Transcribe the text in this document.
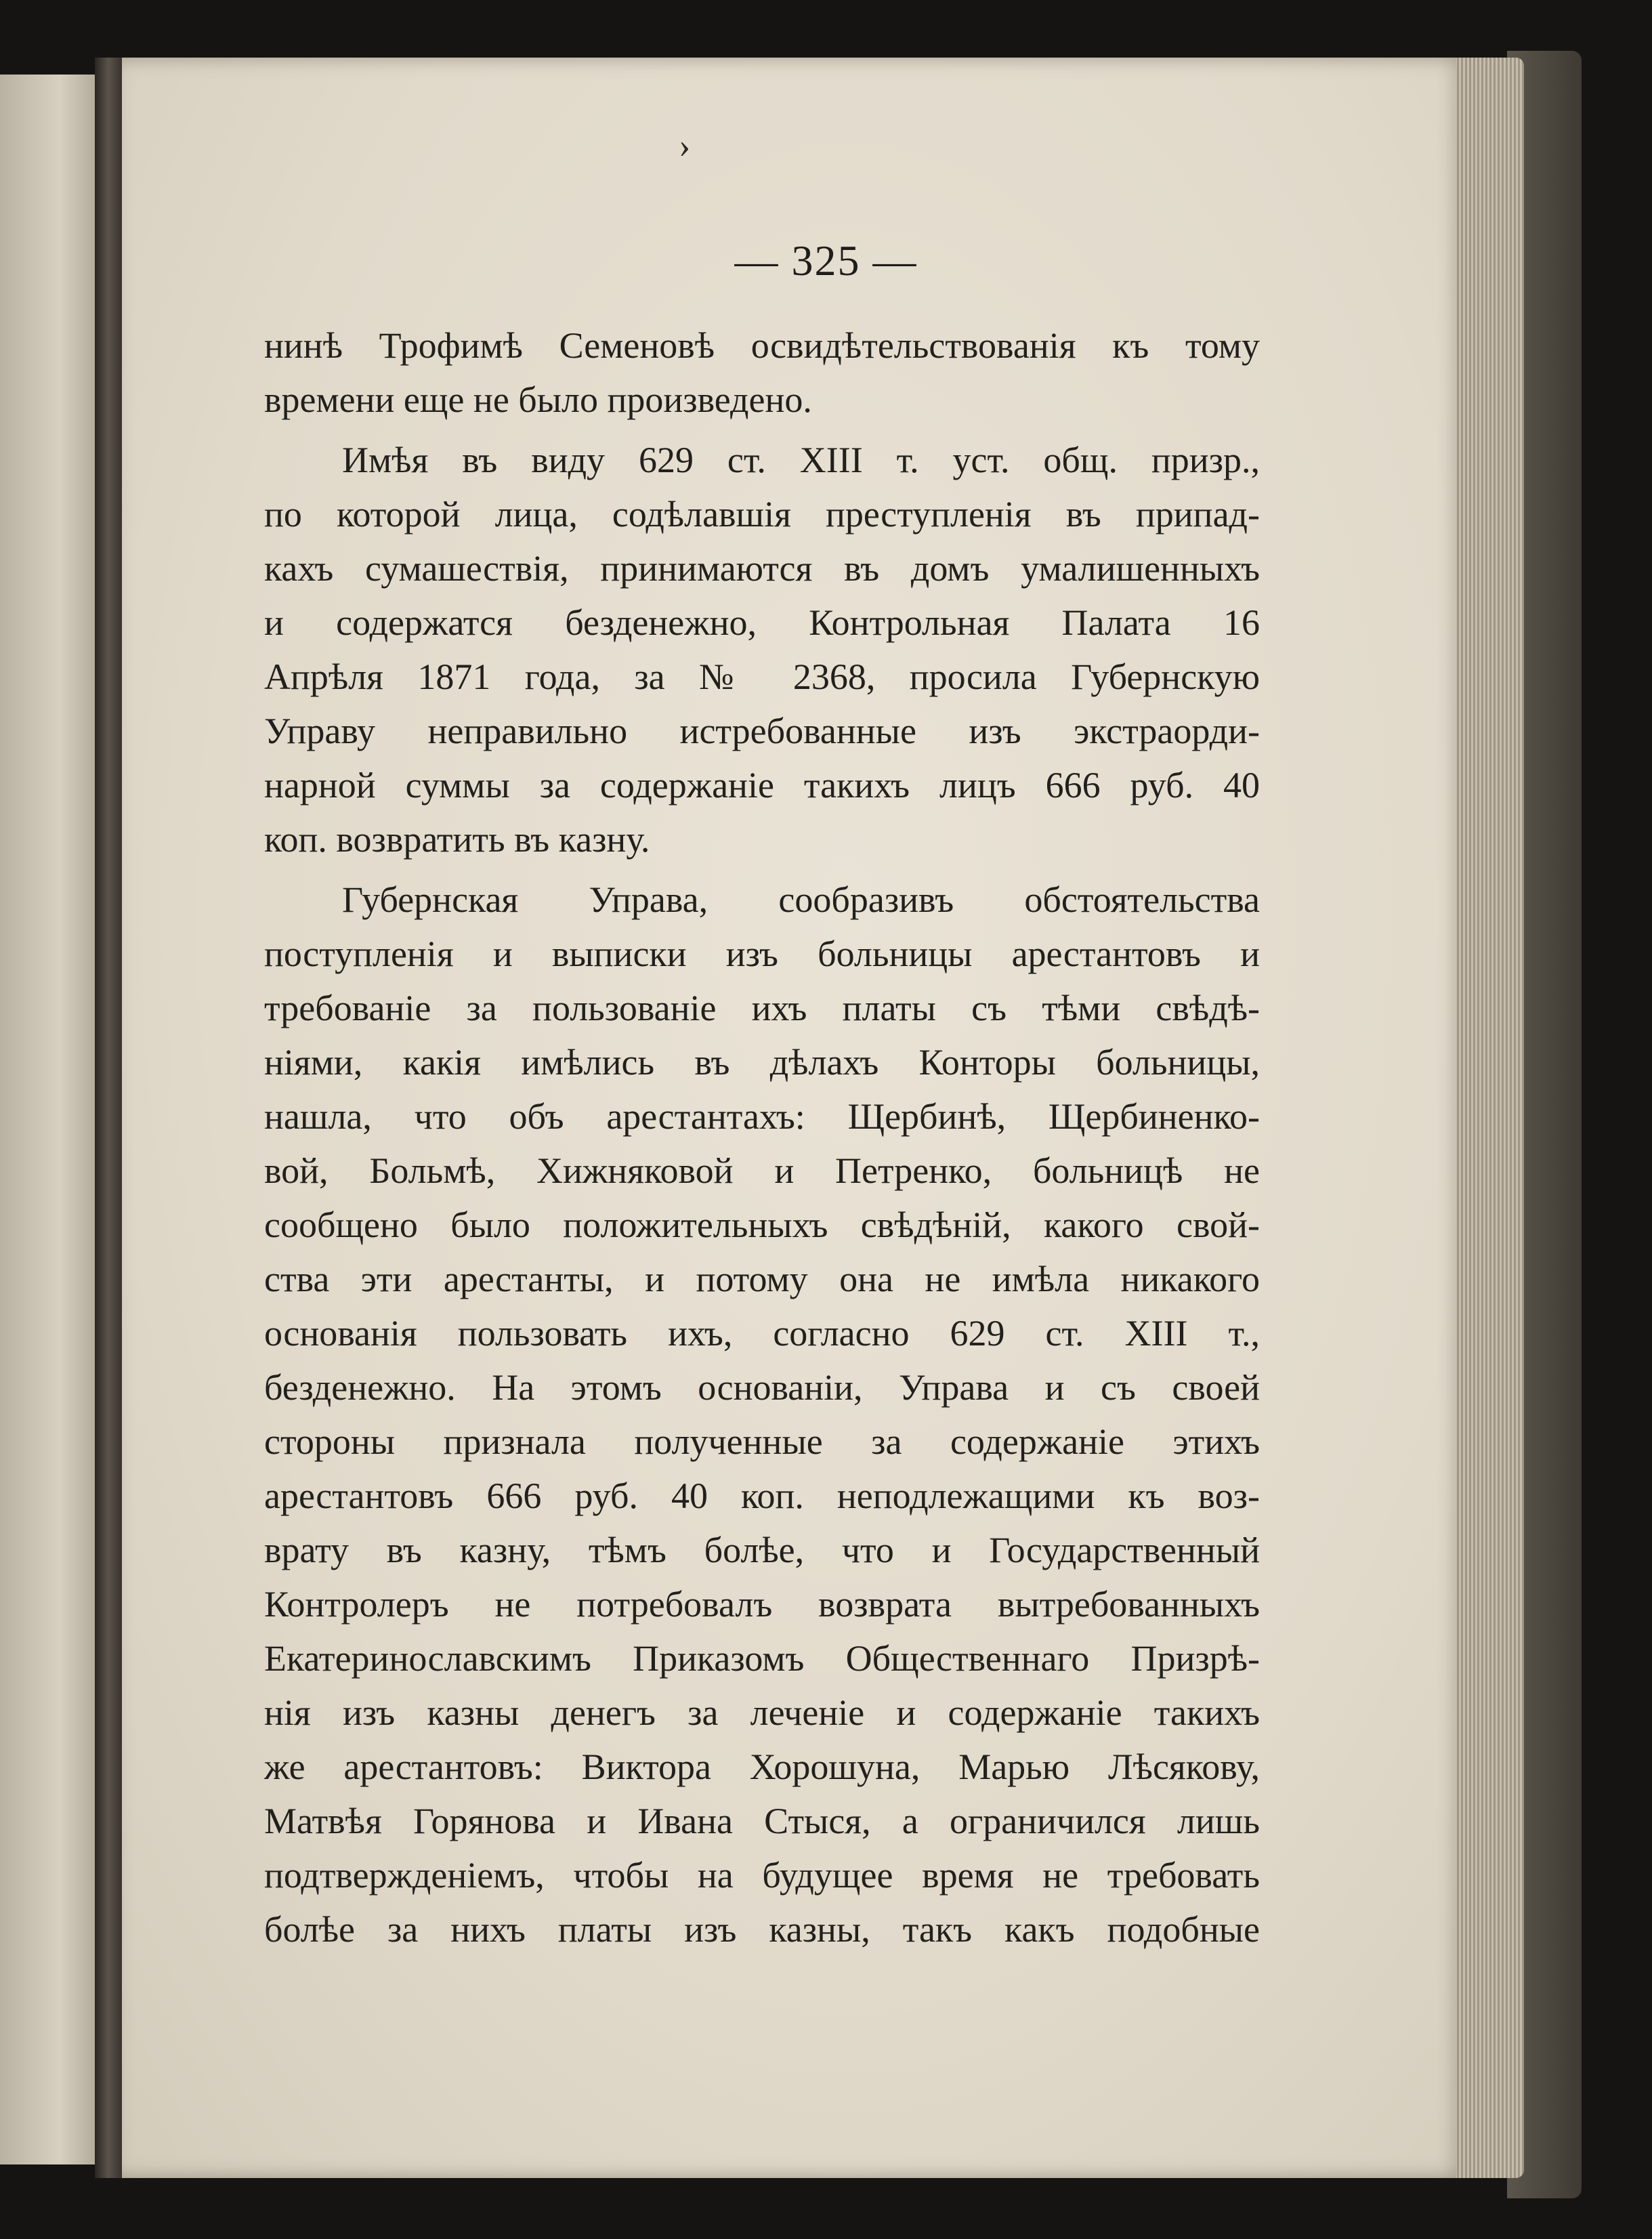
›
— 325 —
нинѣ Трофимѣ Семеновѣ освидѣтельствованія къ тому
времени еще не было произведено.
Имѣя въ виду 629 ст. XIII т. уст. общ. призр.,
по которой лица, содѣлавшія преступленія въ припад-
кахъ сумашествія, принимаются въ домъ умалишенныхъ
и содержатся безденежно, Контрольная Палата 16
Апрѣля 1871 года, за № 2368, просила Губернскую
Управу неправильно истребованные изъ экстраорди-
нарной суммы за содержаніе такихъ лицъ 666 руб. 40
коп. возвратить въ казну.
Губернская Управа, сообразивъ обстоятельства
поступленія и выписки изъ больницы арестантовъ и
требованіе за пользованіе ихъ платы съ тѣми свѣдѣ-
ніями, какія имѣлись въ дѣлахъ Конторы больницы,
нашла, что объ арестантахъ: Щербинѣ, Щербиненко-
вой, Больмѣ, Хижняковой и Петренко, больницѣ не
сообщено было положительныхъ свѣдѣній, какого свой-
ства эти арестанты, и потому она не имѣла никакого
основанія пользовать ихъ, согласно 629 ст. XIII т.,
безденежно. На этомъ основаніи, Управа и съ своей
стороны признала полученные за содержаніе этихъ
арестантовъ 666 руб. 40 коп. неподлежащими къ воз-
врату въ казну, тѣмъ болѣе, что и Государственный
Контролеръ не потребовалъ возврата вытребованныхъ
Екатеринославскимъ Приказомъ Общественнаго Призрѣ-
нія изъ казны денегъ за леченіе и содержаніе такихъ
же арестантовъ: Виктора Хорошуна, Марью Лѣсякову,
Матвѣя Горянова и Ивана Стыся, а ограничился лишь
подтвержденіемъ, чтобы на будущее время не требовать
болѣе за нихъ платы изъ казны, такъ какъ подобные
